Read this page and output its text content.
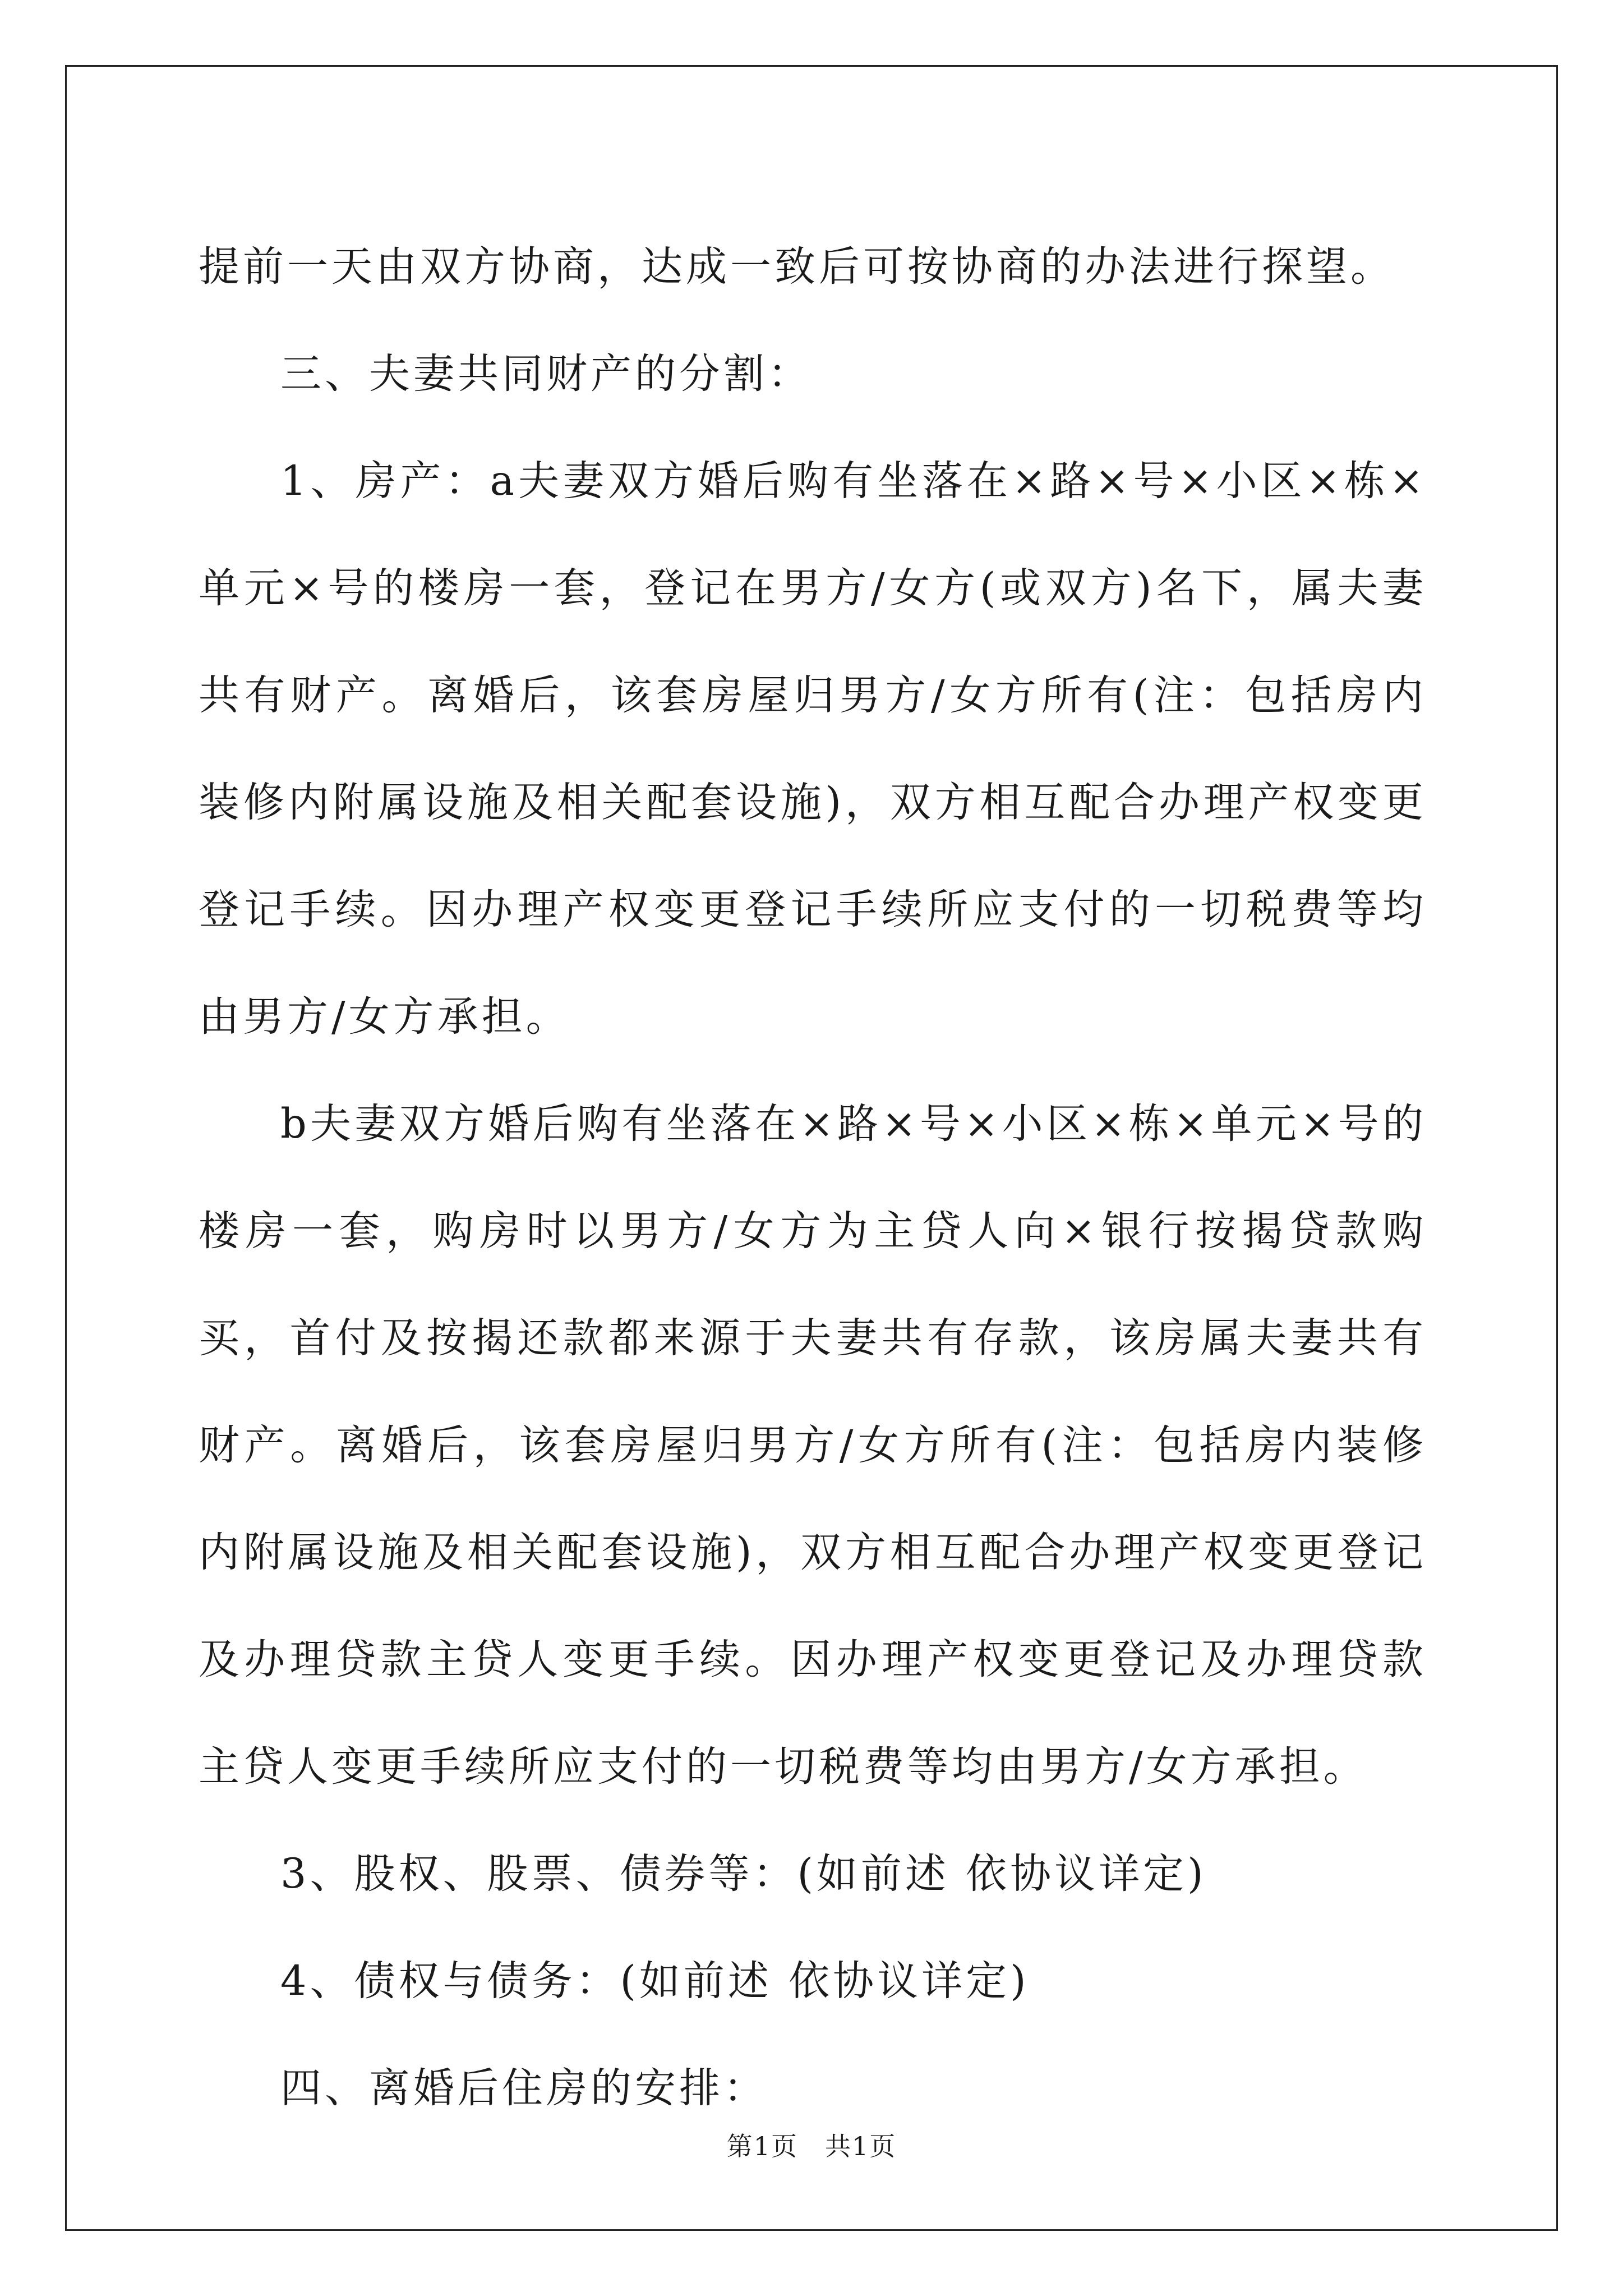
提前一天由双方协商，达成一致后可按协商的办法进行探望。

三、夫妻共同财产的分割：

1、房产：a夫妻双方婚后购有坐落在×路×号×小区×栋×单元×号的楼房一套，登记在男方/女方(或双方)名下，属夫妻共有财产。离婚后，该套房屋归男方/女方所有(注：包括房内装修内附属设施及相关配套设施)，双方相互配合办理产权变更登记手续。因办理产权变更登记手续所应支付的一切税费等均由男方/女方承担。

b夫妻双方婚后购有坐落在×路×号×小区×栋×单元×号的楼房一套，购房时以男方/女方为主贷人向×银行按揭贷款购买，首付及按揭还款都来源于夫妻共有存款，该房属夫妻共有财产。离婚后，该套房屋归男方/女方所有(注：包括房内装修内附属设施及相关配套设施)，双方相互配合办理产权变更登记及办理贷款主贷人变更手续。因办理产权变更登记及办理贷款主贷人变更手续所应支付的一切税费等均由男方/女方承担。

3、股权、股票、债券等：(如前述 依协议详定)

4、债权与债务：(如前述 依协议详定)

四、离婚后住房的安排：

第1页　共1页
